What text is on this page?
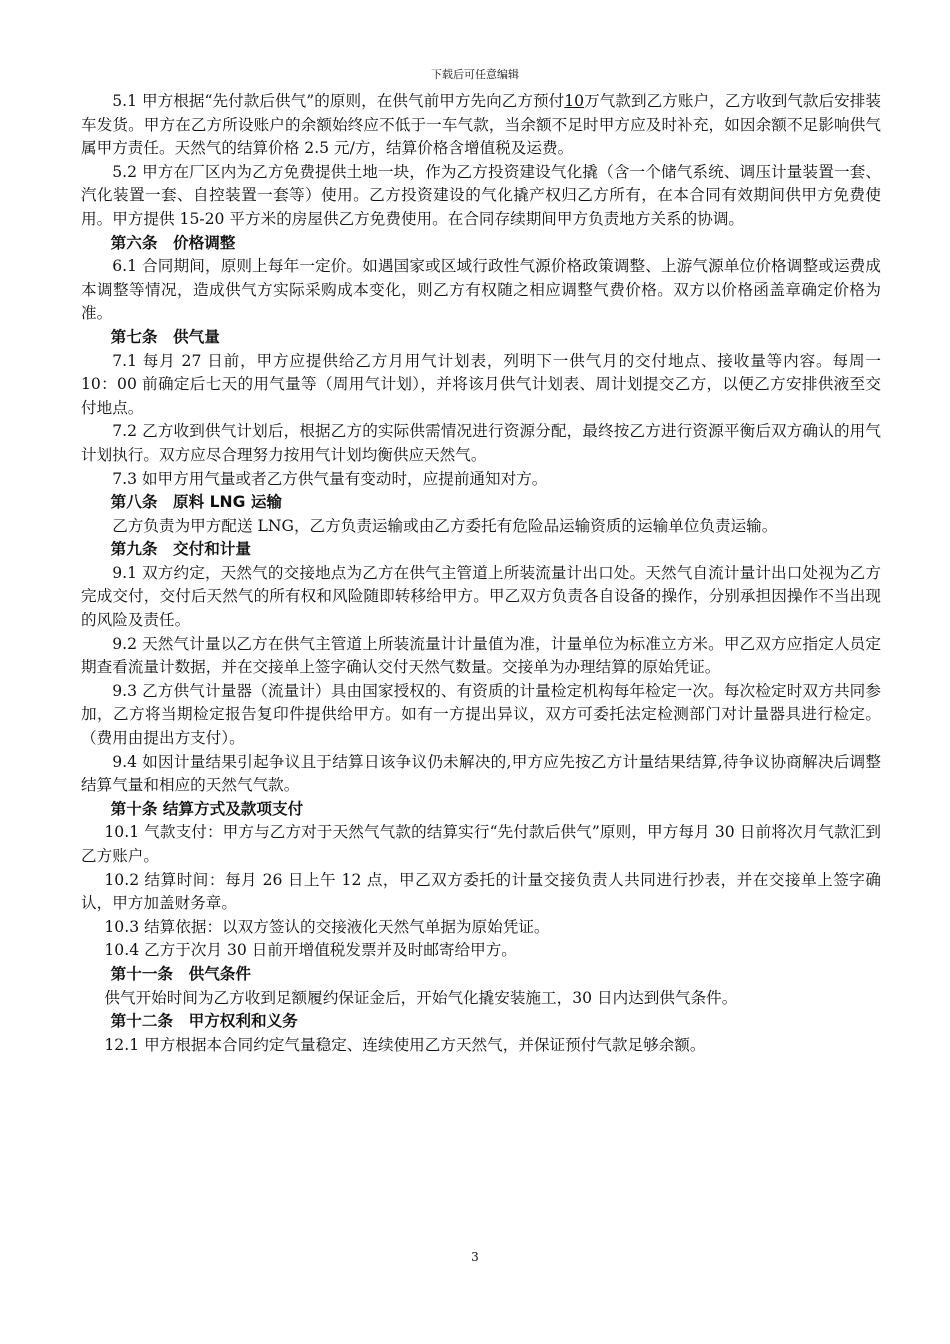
下载后可任意编辑

5.1 甲方根据“先付款后供气”的原则，在供气前甲方先向乙方预付10万气款到乙方账户，乙方收到气款后安排装车发货。甲方在乙方所设账户的余额始终应不低于一车气款，当余额不足时甲方应及时补充，如因余额不足影响供气属甲方责任。天然气的结算价格 2.5 元/方，结算价格含增值税及运费。

5.2 甲方在厂区内为乙方免费提供土地一块，作为乙方投资建设气化撬（含一个储气系统、调压计量装置一套、汽化装置一套、自控装置一套等）使用。乙方投资建设的气化撬产权归乙方所有，在本合同有效期间供甲方免费使用。甲方提供 15-20 平方米的房屋供乙方免费使用。在合同存续期间甲方负责地方关系的协调。

第六条　价格调整

6.1 合同期间，原则上每年一定价。如遇国家或区域行政性气源价格政策调整、上游气源单位价格调整或运费成本调整等情况，造成供气方实际采购成本变化，则乙方有权随之相应调整气费价格。双方以价格函盖章确定价格为准。

第七条　供气量

7.1 每月 27 日前，甲方应提供给乙方月用气计划表，列明下一供气月的交付地点、接收量等内容。每周一 10：00 前确定后七天的用气量等（周用气计划），并将该月供气计划表、周计划提交乙方，以便乙方安排供液至交付地点。

7.2 乙方收到供气计划后，根据乙方的实际供需情况进行资源分配，最终按乙方进行资源平衡后双方确认的用气计划执行。双方应尽合理努力按用气计划均衡供应天然气。

7.3 如甲方用气量或者乙方供气量有变动时，应提前通知对方。

第八条　原料 LNG 运输

乙方负责为甲方配送 LNG，乙方负责运输或由乙方委托有危险品运输资质的运输单位负责运输。

第九条　交付和计量

9.1 双方约定，天然气的交接地点为乙方在供气主管道上所装流量计出口处。天然气自流计量计出口处视为乙方完成交付，交付后天然气的所有权和风险随即转移给甲方。甲乙双方负责各自设备的操作，分别承担因操作不当出现的风险及责任。

9.2 天然气计量以乙方在供气主管道上所装流量计计量值为准，计量单位为标准立方米。甲乙双方应指定人员定期查看流量计数据，并在交接单上签字确认交付天然气数量。交接单为办理结算的原始凭证。

9.3 乙方供气计量器（流量计）具由国家授权的、有资质的计量检定机构每年检定一次。每次检定时双方共同参加，乙方将当期检定报告复印件提供给甲方。如有一方提出异议，双方可委托法定检测部门对计量器具进行检定。（费用由提出方支付）。

9.4 如因计量结果引起争议且于结算日该争议仍未解决的,甲方应先按乙方计量结果结算,待争议协商解决后调整结算气量和相应的天然气气款。

第十条 结算方式及款项支付

10.1 气款支付：甲方与乙方对于天然气气款的结算实行“先付款后供气”原则，甲方每月 30 日前将次月气款汇到乙方账户。

10.2 结算时间：每月 26 日上午 12 点，甲乙双方委托的计量交接负责人共同进行抄表，并在交接单上签字确认，甲方加盖财务章。

10.3 结算依据：以双方签认的交接液化天然气单据为原始凭证。

10.4 乙方于次月 30 日前开增值税发票并及时邮寄给甲方。

第十一条　供气条件

供气开始时间为乙方收到足额履约保证金后，开始气化撬安装施工，30 日内达到供气条件。

第十二条　甲方权利和义务

12.1 甲方根据本合同约定气量稳定、连续使用乙方天然气，并保证预付气款足够余额。

3
